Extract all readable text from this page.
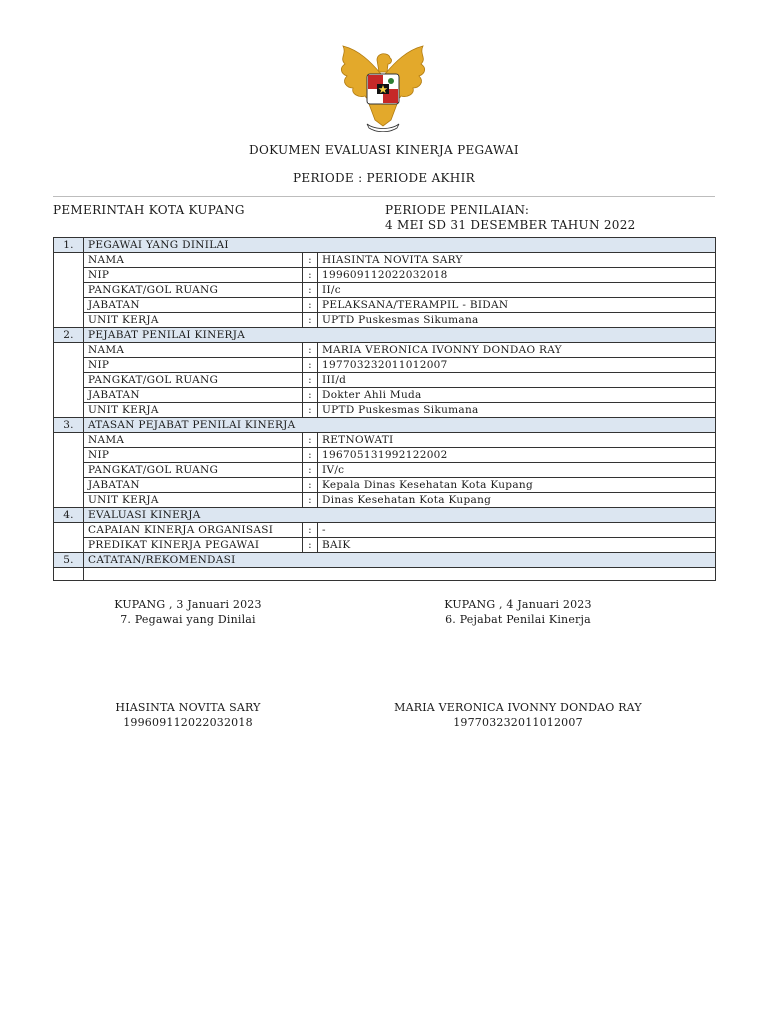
DOKUMEN EVALUASI KINERJA PEGAWAI
PERIODE : PERIODE AKHIR
PEMERINTAH KOTA KUPANG	PERIODE PENILAIAN:
4 MEI SD 31 DESEMBER TAHUN 2022
1.	PEGAWAI YANG DINILAI		
	NAMA	:	HIASINTA NOVITA SARY
	NIP	:	199609112022032018
	PANGKAT/GOL RUANG	:	II/c
	JABATAN	:	PELAKSANA/TERAMPIL - BIDAN
	UNIT KERJA	:	UPTD Puskesmas Sikumana
2.	PEJABAT PENILAI KINERJA		
	NAMA	:	MARIA VERONICA IVONNY DONDAO RAY
	NIP	:	197703232011012007
	PANGKAT/GOL RUANG	:	III/d
	JABATAN	:	Dokter Ahli Muda
	UNIT KERJA	:	UPTD Puskesmas Sikumana
3.	ATASAN PEJABAT PENILAI KINERJA		
	NAMA	:	RETNOWATI
	NIP	:	196705131992122002
	PANGKAT/GOL RUANG	:	IV/c
	JABATAN	:	Kepala Dinas Kesehatan Kota Kupang
	UNIT KERJA	:	Dinas Kesehatan Kota Kupang
4.	EVALUASI KINERJA		
	CAPAIAN KINERJA ORGANISASI	:	-
	PREDIKAT KINERJA PEGAWAI	:	BAIK
5.	CATATAN/REKOMENDASI		

KUPANG , 3 Januari 2023
7. Pegawai yang Dinilai
KUPANG , 4 Januari 2023
6. Pejabat Penilai Kinerja
HIASINTA NOVITA SARY
199609112022032018
MARIA VERONICA IVONNY DONDAO RAY
197703232011012007
